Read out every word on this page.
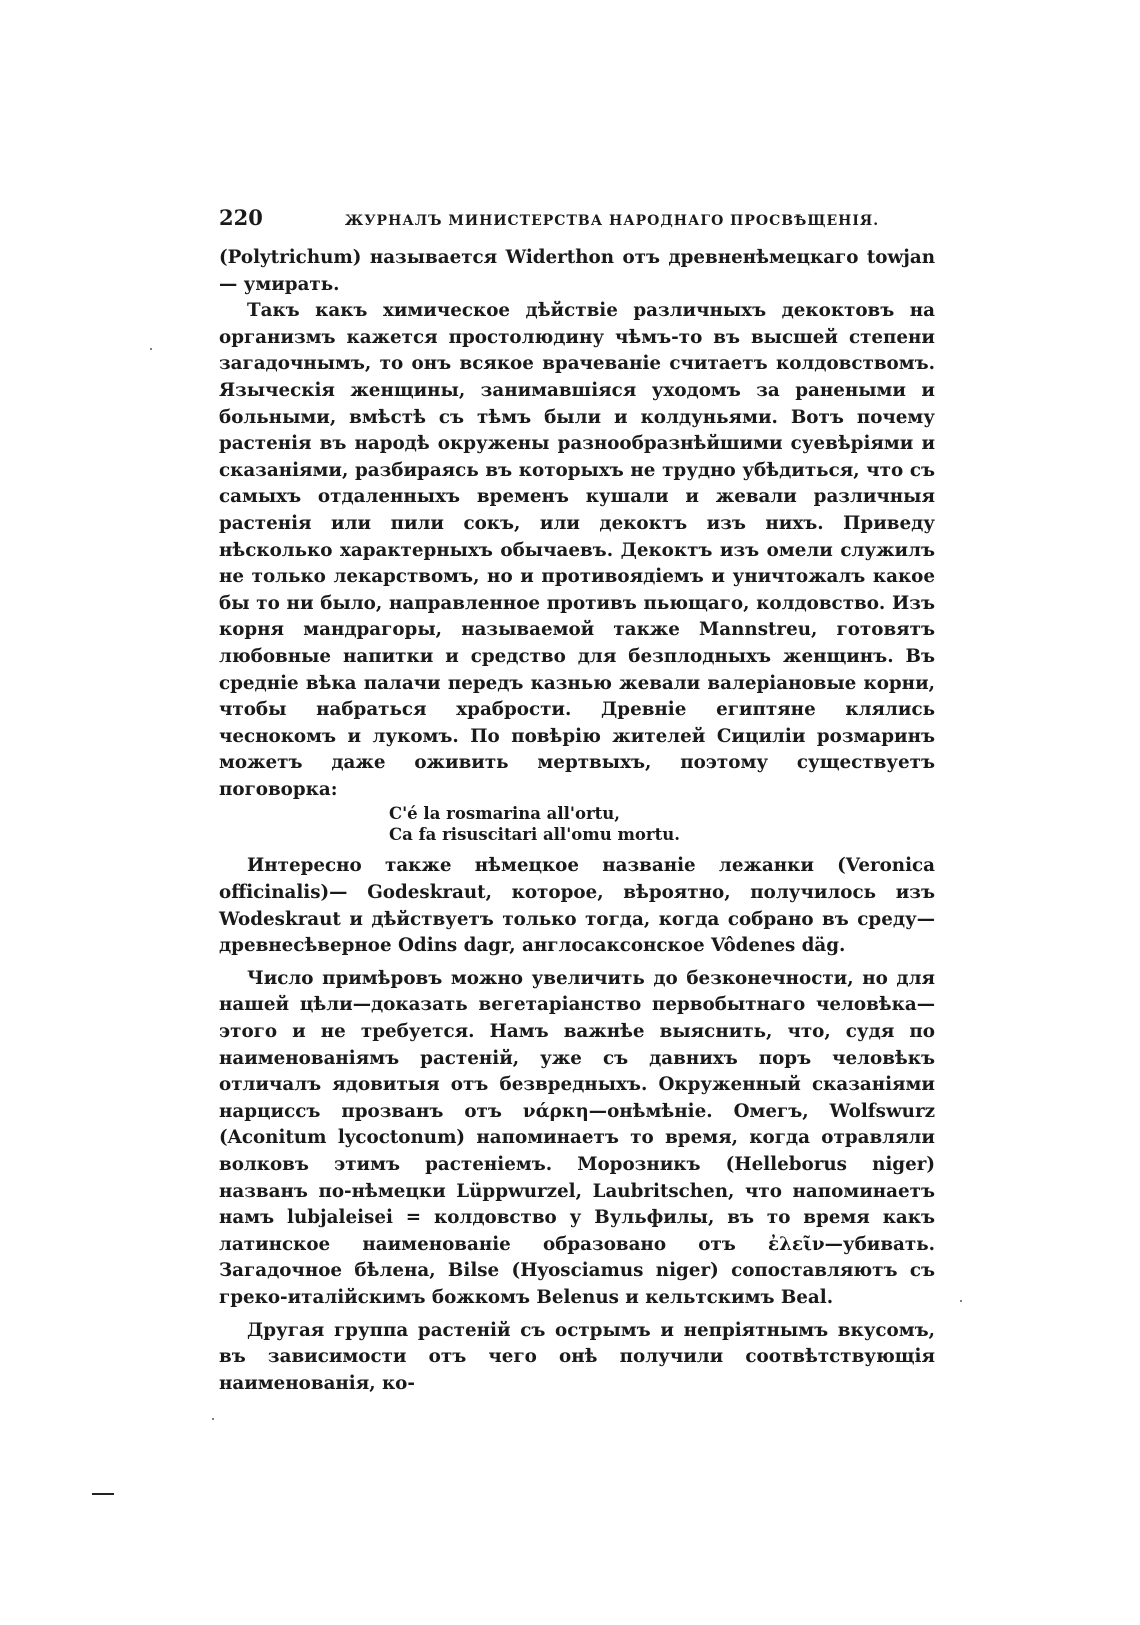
220	ЖУРНАЛЪ МИНИСТЕРСТВА НАРОДНАГО ПРОСВѢЩЕНІЯ.

(Polytrichum) называется Widerthon отъ древненѣмецкаго towjan — умирать.

Такъ какъ химическое дѣйствіе различныхъ декоктовъ на организмъ кажется простолюдину чѣмъ-то въ высшей степени загадочнымъ, то онъ всякое врачеваніе считаетъ колдовствомъ. Языческія женщины, занимавшіяся уходомъ за ранеными и больными, вмѣстѣ съ тѣмъ были и колдуньями. Вотъ почему растенія въ народѣ окружены разнообразнѣйшими суевѣріями и сказаніями, разбираясь въ которыхъ не трудно убѣдиться, что съ самыхъ отдаленныхъ временъ кушали и жевали различныя растенія или пили сокъ, или декоктъ изъ нихъ. Приведу нѣсколько характерныхъ обычаевъ. Декоктъ изъ омели служилъ не только лекарствомъ, но и противоядіемъ и уничтожалъ какое бы то ни было, направленное противъ пьющаго, колдовство. Изъ корня мандрагоры, называемой также Mannstreu, готовятъ любовные напитки и средство для безплодныхъ женщинъ. Въ средніе вѣка палачи передъ казнью жевали валеріановые корни, чтобы набраться храбрости. Древніе египтяне клялись чеснокомъ и лукомъ. По повѣрію жителей Сициліи розмаринъ можетъ даже оживить мертвыхъ, поэтому существуетъ поговорка:

C'é la rosmarina all'ortu,
Ca fa risuscitari all'omu mortu.

Интересно также нѣмецкое названіе лежанки (Veronica officinalis)— Godeskraut, которое, вѣроятно, получилось изъ Wodeskraut и дѣйствуетъ только тогда, когда собрано въ среду—древнесѣверное Odins dagr, англосаксонское Vôdenes däg.

Число примѣровъ можно увеличить до безконечности, но для нашей цѣли—доказать вегетаріанство первобытнаго человѣка—этого и не требуется. Намъ важнѣе выяснить, что, судя по наименованіямъ растеній, уже съ давнихъ поръ человѣкъ отличалъ ядовитыя отъ безвредныхъ. Окруженный сказаніями нарциссъ прозванъ отъ νάρκη—онѣмѣніе. Омегъ, Wolfswurz (Aconitum lycoctonum) напоминаетъ то время, когда отравляли волковъ этимъ растеніемъ. Морозникъ (Helleborus niger) названъ по-нѣмецки Lüppwurzel, Laubritschen, что напоминаетъ намъ lubjaleisei = колдовство у Вульфилы, въ то время какъ латинское наименованіе образовано отъ ἐλεῖν—убивать. Загадочное бѣлена, Bilse (Hyosciamus niger) сопоставляютъ съ греко-италійскимъ божкомъ Belenus и кельтскимъ Beal.

Другая группа растеній съ острымъ и непріятнымъ вкусомъ, въ зависимости отъ чего онѣ получили соотвѣтствующія наименованія, ко-
